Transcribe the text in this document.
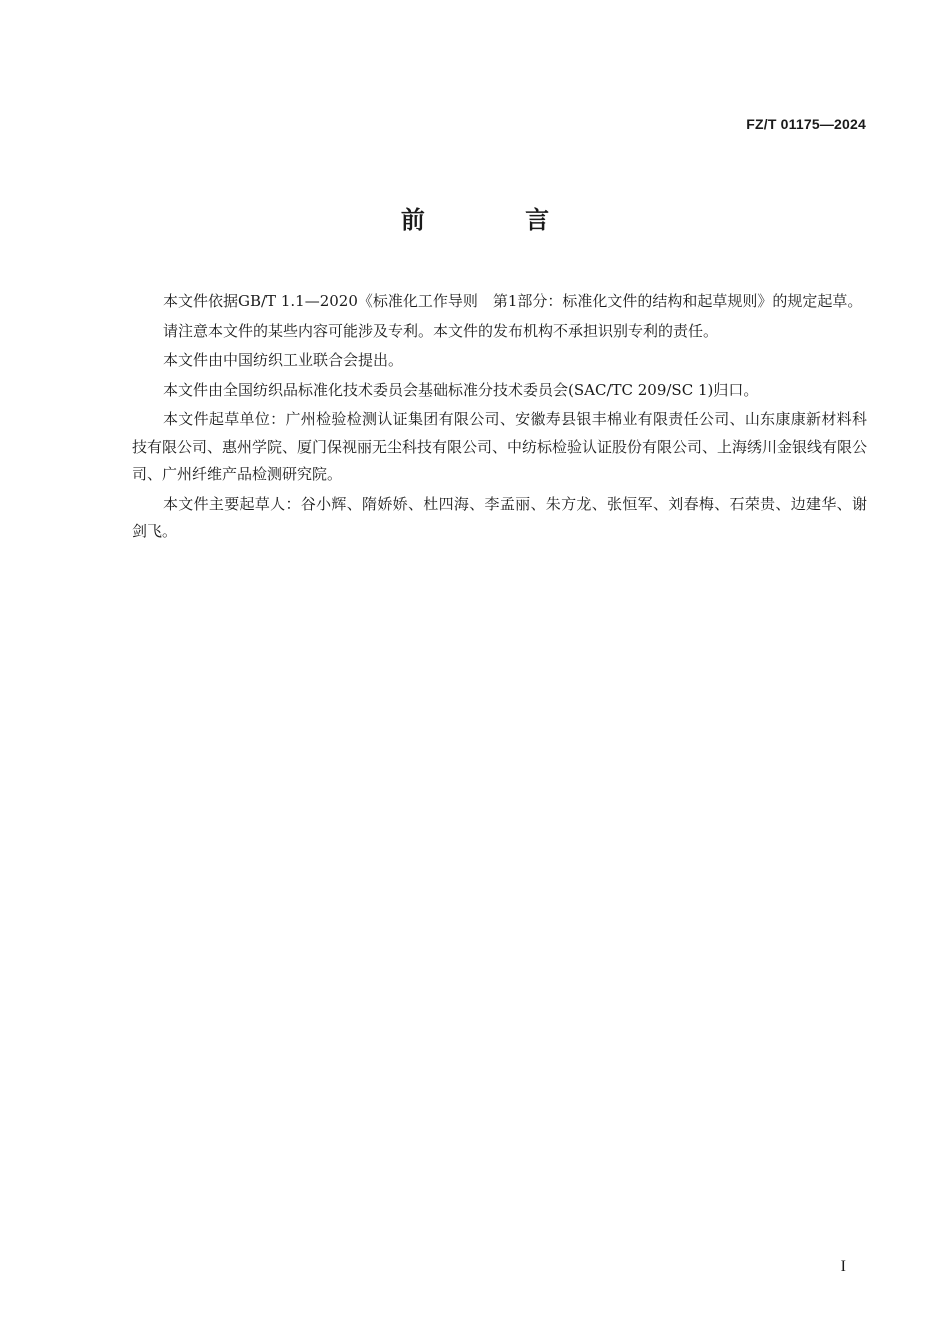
FZ/T 01175—2024
前 言

本文件依据GB/T 1.1—2020《标准化工作导则　第1部分：标准化文件的结构和起草规则》的规定起草。

请注意本文件的某些内容可能涉及专利。本文件的发布机构不承担识别专利的责任。

本文件由中国纺织工业联合会提出。

本文件由全国纺织品标准化技术委员会基础标准分技术委员会(SAC/TC 209/SC 1)归口。

本文件起草单位：广州检验检测认证集团有限公司、安徽寿县银丰棉业有限责任公司、山东康康新材料科技有限公司、惠州学院、厦门保视丽无尘科技有限公司、中纺标检验认证股份有限公司、上海绣川金银线有限公司、广州纤维产品检测研究院。

本文件主要起草人：谷小辉、隋娇娇、杜四海、李孟丽、朱方龙、张恒军、刘春梅、石荣贵、边建华、谢剑飞。

I
